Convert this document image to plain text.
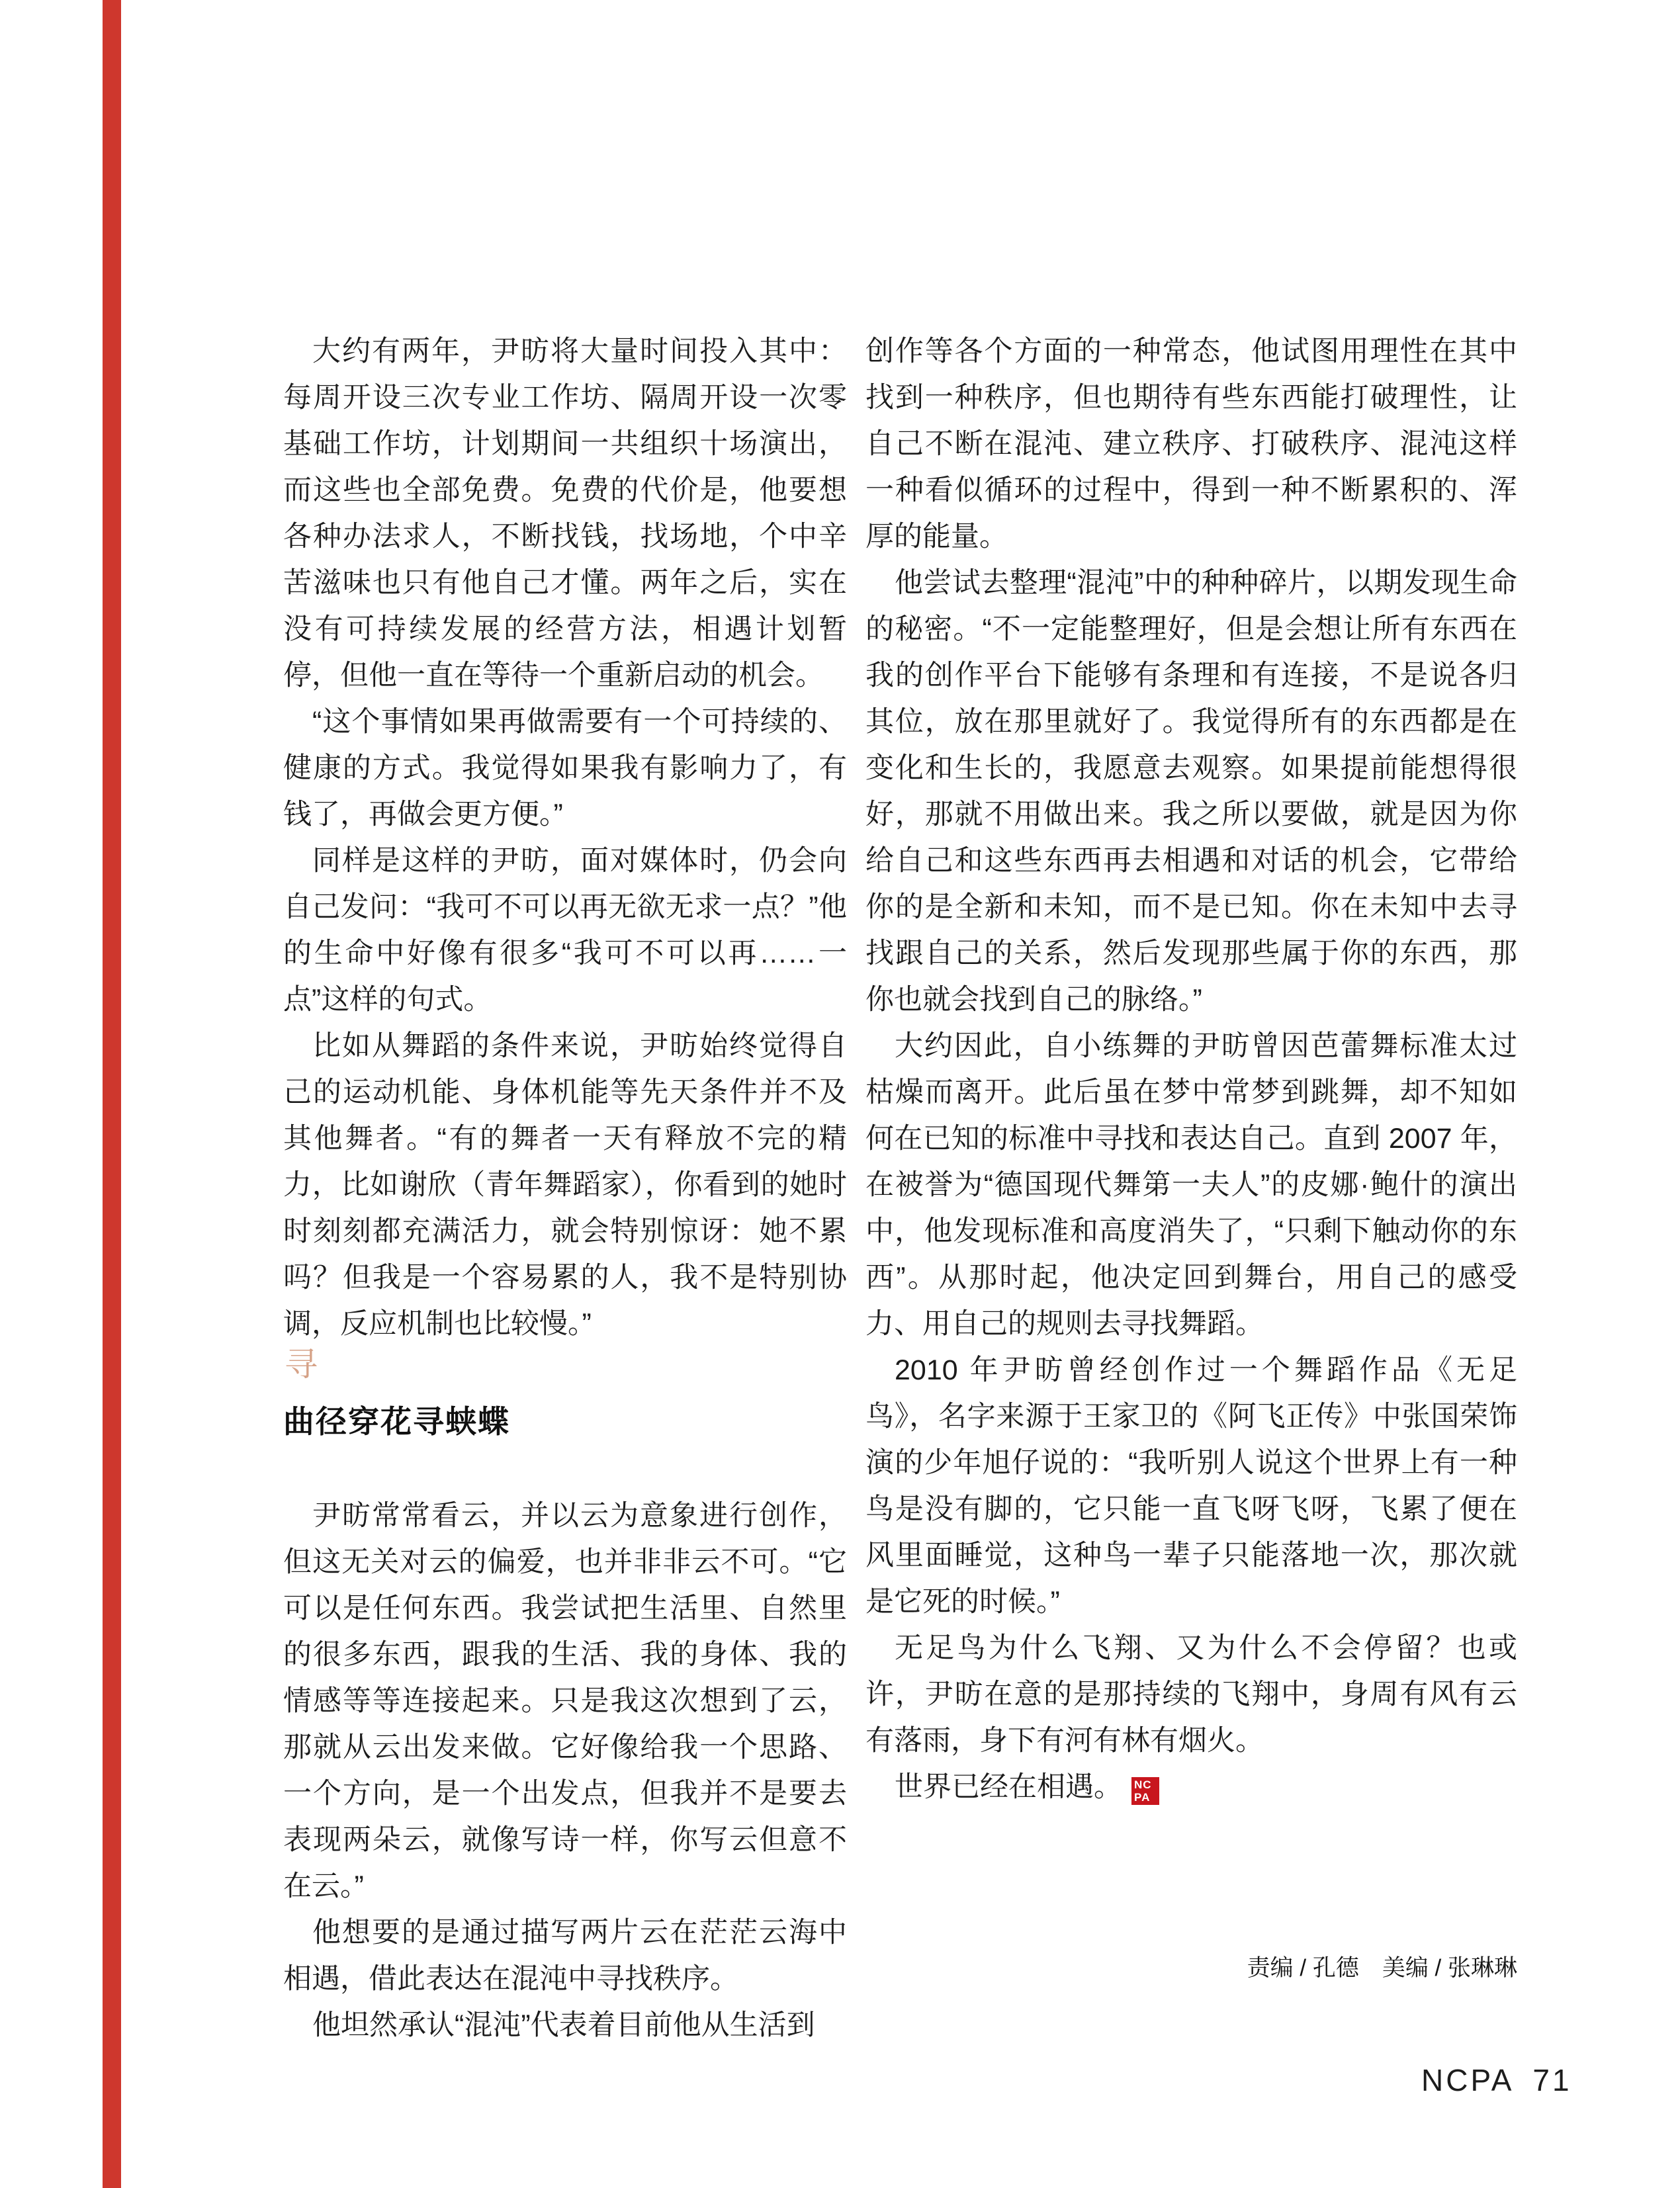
大约有两年，尹昉将大量时间投入其中：每周开设三次专业工作坊、隔周开设一次零基础工作坊，计划期间一共组织十场演出，而这些也全部免费。免费的代价是，他要想各种办法求人，不断找钱，找场地，个中辛苦滋味也只有他自己才懂。两年之后，实在没有可持续发展的经营方法，相遇计划暂停，但他一直在等待一个重新启动的机会。

“这个事情如果再做需要有一个可持续的、健康的方式。我觉得如果我有影响力了，有钱了，再做会更方便。”

同样是这样的尹昉，面对媒体时，仍会向自己发问：“我可不可以再无欲无求一点？”他的生命中好像有很多“我可不可以再……一点”这样的句式。

比如从舞蹈的条件来说，尹昉始终觉得自己的运动机能、身体机能等先天条件并不及其他舞者。“有的舞者一天有释放不完的精力，比如谢欣（青年舞蹈家），你看到的她时时刻刻都充满活力，就会特别惊讶：她不累吗？但我是一个容易累的人，我不是特别协调，反应机制也比较慢。”

寻
曲径穿花寻蛱蝶

尹昉常常看云，并以云为意象进行创作，但这无关对云的偏爱，也并非非云不可。“它可以是任何东西。我尝试把生活里、自然里的很多东西，跟我的生活、我的身体、我的情感等等连接起来。只是我这次想到了云，那就从云出发来做。它好像给我一个思路、一个方向，是一个出发点，但我并不是要去表现两朵云，就像写诗一样，你写云但意不在云。”

他想要的是通过描写两片云在茫茫云海中相遇，借此表达在混沌中寻找秩序。

他坦然承认“混沌”代表着目前他从生活到

创作等各个方面的一种常态，他试图用理性在其中找到一种秩序，但也期待有些东西能打破理性，让自己不断在混沌、建立秩序、打破秩序、混沌这样一种看似循环的过程中，得到一种不断累积的、浑厚的能量。

他尝试去整理“混沌”中的种种碎片，以期发现生命的秘密。“不一定能整理好，但是会想让所有东西在我的创作平台下能够有条理和有连接，不是说各归其位，放在那里就好了。我觉得所有的东西都是在变化和生长的，我愿意去观察。如果提前能想得很好，那就不用做出来。我之所以要做，就是因为你给自己和这些东西再去相遇和对话的机会，它带给你的是全新和未知，而不是已知。你在未知中去寻找跟自己的关系，然后发现那些属于你的东西，那你也就会找到自己的脉络。”

大约因此，自小练舞的尹昉曾因芭蕾舞标准太过枯燥而离开。此后虽在梦中常梦到跳舞，却不知如何在已知的标准中寻找和表达自己。直到 2007 年，在被誉为“德国现代舞第一夫人”的皮娜·鲍什的演出中，他发现标准和高度消失了，“只剩下触动你的东西”。从那时起，他决定回到舞台，用自己的感受力、用自己的规则去寻找舞蹈。

2010 年尹昉曾经创作过一个舞蹈作品《无足鸟》，名字来源于王家卫的《阿飞正传》中张国荣饰演的少年旭仔说的：“我听别人说这个世界上有一种鸟是没有脚的，它只能一直飞呀飞呀，飞累了便在风里面睡觉，这种鸟一辈子只能落地一次，那次就是它死的时候。”

无足鸟为什么飞翔、又为什么不会停留？也或许，尹昉在意的是那持续的飞翔中，身周有风有云有落雨，身下有河有林有烟火。

世界已经在相遇。 NC
PA

责编 / 孔德　美编 / 张琳琳
NCPA 71
